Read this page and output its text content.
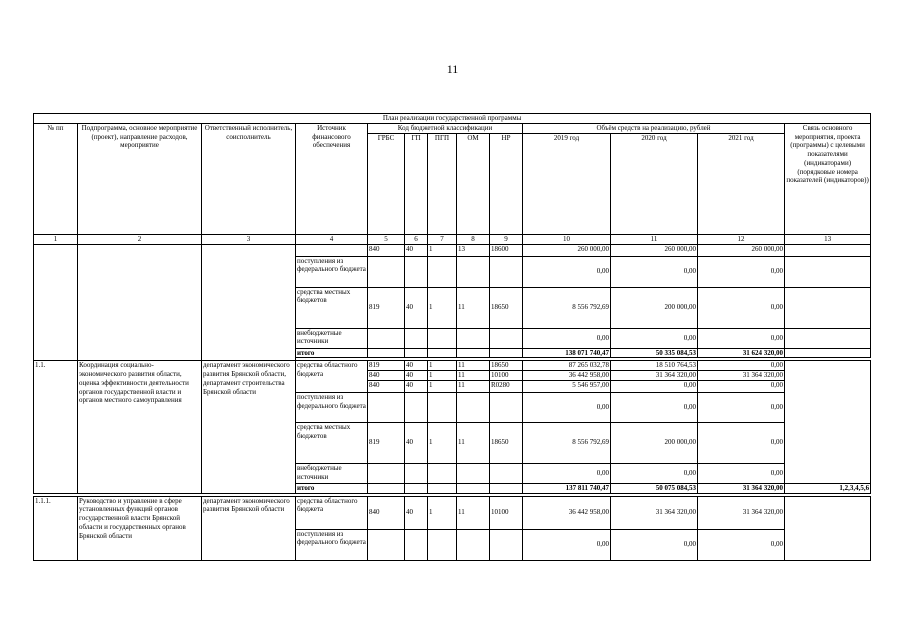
11
План реализации государственной программы												
№ пп	Подпрограмма, основное мероприятие (проект), направление расходов, мероприятие	Ответственный исполнитель, соисполнитель	Источник финансового обеспечения	Код бюджетной классификации					Объём средств на реализацию, рублей			Связь основного мероприятия, проекта (программы) с целевыми показателями (индикаторами) (порядковые номера показателей (индикаторов))
				ГРБС	ГП	ПГП	ОМ	НР	2019 год	2020 год	2021 год	
1	2	3	4	5	6	7	8	9	10	11	12	13
				840	40	1	13	18600	260 000,00	260 000,00	260 000,00	
			поступления из федерального бюджета						0,00	0,00	0,00	
			средства местных бюджетов	819	40	1	11	18650	8 556 792,69	200 000,00	0,00	
			внебюджетные источники						0,00	0,00	0,00	
			итого						138 071 740,47	50 335 084,53	31 624 320,00	

1.1.	Координация социально-экономического развития области, оценка эффективности деятельности органов государственной власти и органов местного самоуправления	департамент экономического развития Брянской области, департамент строительства Брянской области	средства областного бюджета	819	40	1	11	18650	87 265 032,78	18 510 764,53	0,00	
				840	40	1	11	10100	36 442 958,00	31 364 320,00	31 364 320,00	
				840	40	1	11	R0280	5 546 957,00	0,00	0,00	
			поступления из федерального бюджета						0,00	0,00	0,00	
			средства местных бюджетов	819	40	1	11	18650	8 556 792,69	200 000,00	0,00	
			внебюджетные источники						0,00	0,00	0,00	
			итого						137 811 740,47	50 075 084,53	31 364 320,00	1,2,3,4,5,6

1.1.1.	Руководство и управление в сфере установленных функций органов государственной власти Брянской области и государственных органов Брянской области	департамент экономического развития Брянской области	средства областного бюджета	840	40	1	11	10100	36 442 958,00	31 364 320,00	31 364 320,00	
			поступления из федерального бюджета						0,00	0,00	0,00	
